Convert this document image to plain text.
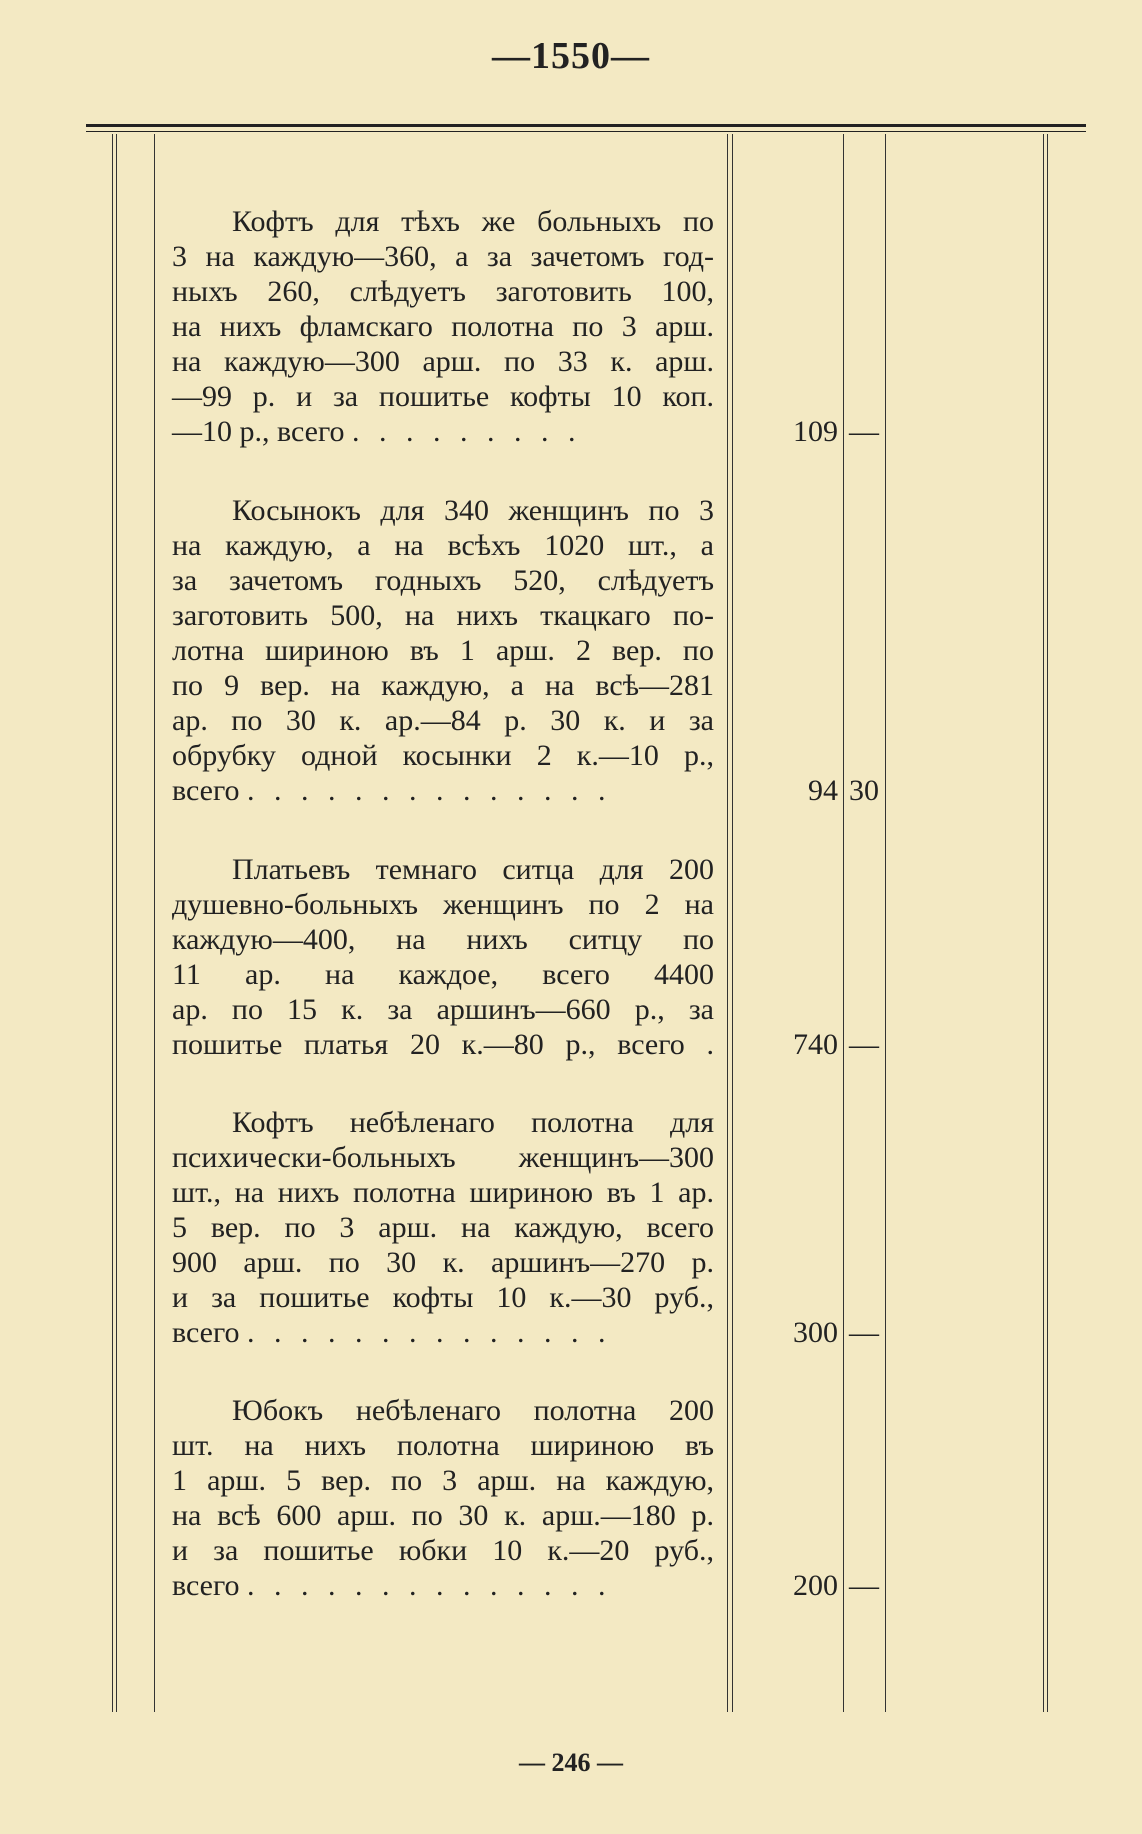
—1550—
Кофтъ для тѣхъ же больныхъ по
3 на каждую—360, а за зачетомъ год-
ныхъ 260, слѣдуетъ заготовить 100,
на нихъ фламскаго полотна по 3 арш.
на каждую—300 арш. по 33 к. арш.
—99 р. и за пошитье кофты 10 коп.
—10 р., всего . . . . . . . . .	109 —
Косынокъ для 340 женщинъ по 3
на каждую, а на всѣхъ 1020 шт., а
за зачетомъ годныхъ 520, слѣдуетъ
заготовить 500, на нихъ ткацкаго по-
лотна шириною въ 1 арш. 2 вер. по
по 9 вер. на каждую, а на всѣ—281
ар. по 30 к. ар.—84 р. 30 к. и за
обрубку одной косынки 2 к.—10 р.,
всего . . . . . . . . . . . . . .	94 30
Платьевъ темнаго ситца для 200
душевно-больныхъ женщинъ по 2 на
каждую—400, на нихъ ситцу по
11 ар. на каждое, всего 4400
ар. по 15 к. за аршинъ—660 р., за
пошитье платья 20 к.—80 р., всего .	740 —
Кофтъ небѣленаго полотна для
психически-больныхъ женщинъ—300
шт., на нихъ полотна шириною въ 1 ар.
5 вер. по 3 арш. на каждую, всего
900 арш. по 30 к. аршинъ—270 р.
и за пошитье кофты 10 к.—30 руб.,
всего . . . . . . . . . . . . . .	300 —
Юбокъ небѣленаго полотна 200
шт. на нихъ полотна шириною въ
1 арш. 5 вер. по 3 арш. на каждую,
на всѣ 600 арш. по 30 к. арш.—180 р.
и за пошитье юбки 10 к.—20 руб.,
всего . . . . . . . . . . . . . .	200 —
— 246 —
